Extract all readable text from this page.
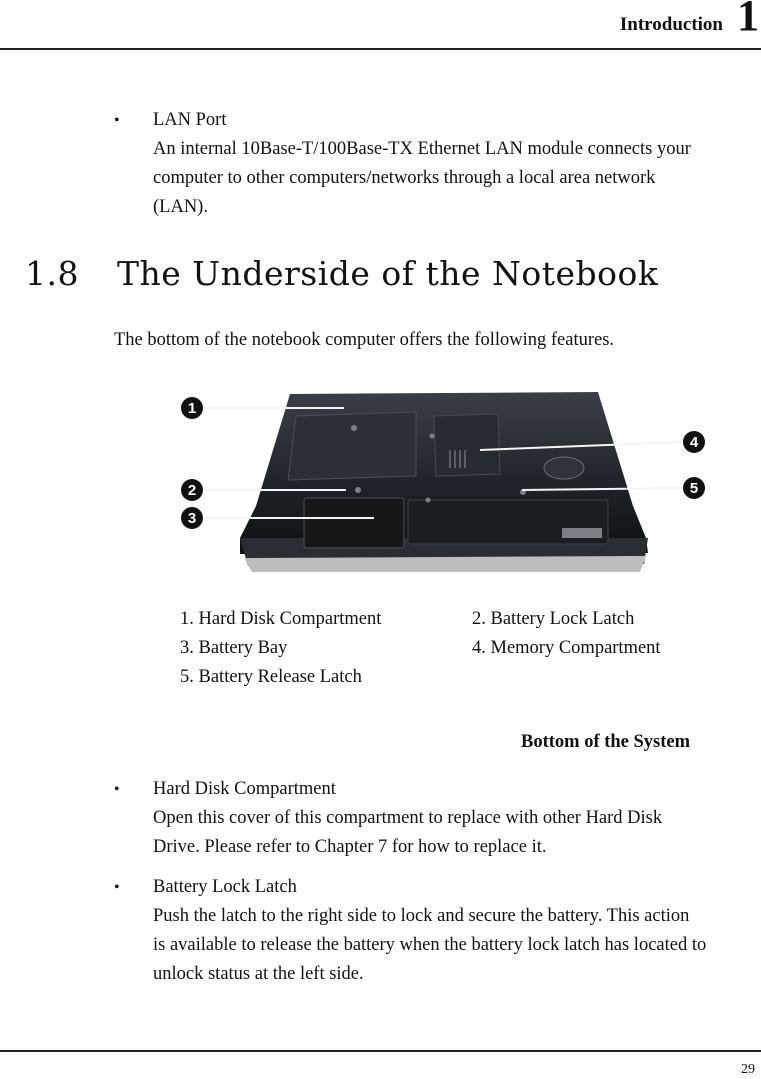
Introduction 1
• LAN Port
An internal 10Base-T/100Base-TX Ethernet LAN module connects your
computer to other computers/networks through a local area network
(LAN).
1.8 The Underside of the Notebook
The bottom of the notebook computer offers the following features.
1
2
3
4
5
1. Hard Disk Compartment	2. Battery Lock Latch
3. Battery Bay	4. Memory Compartment
5. Battery Release Latch
Bottom of the System
• Hard Disk Compartment
Open this cover of this compartment to replace with other Hard Disk
Drive. Please refer to Chapter 7 for how to replace it.
• Battery Lock Latch
Push the latch to the right side to lock and secure the battery. This action
is available to release the battery when the battery lock latch has located to
unlock status at the left side.
29
